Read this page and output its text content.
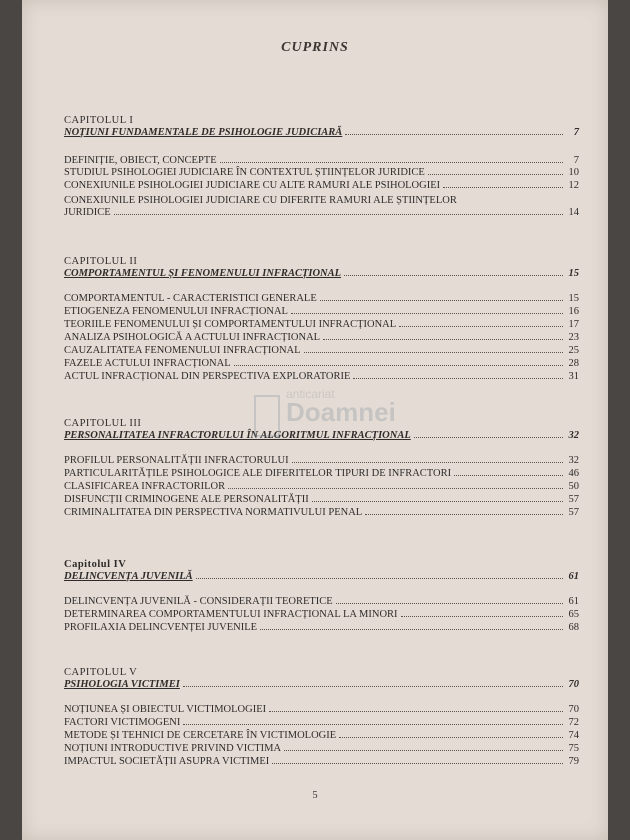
CUPRINS
CAPITOLUL I
NOȚIUNI FUNDAMENTALE DE PSIHOLOGIE JUDICIARĂ	7
DEFINIȚIE, OBIECT, CONCEPTE	7
STUDIUL PSIHOLOGIEI JUDICIARE ÎN CONTEXTUL ȘTIINȚELOR JURIDICE	10
CONEXIUNILE PSIHOLOGIEI JUDICIARE CU ALTE RAMURI ALE PSIHOLOGIEI	12
CONEXIUNILE PSIHOLOGIEI JUDICIARE CU DIFERITE RAMURI ALE ȘTIINȚELOR
JURIDICE	14
CAPITOLUL II
COMPORTAMENTUL ȘI FENOMENULUI INFRACȚIONAL	15
COMPORTAMENTUL - CARACTERISTICI GENERALE	15
ETIOGENEZA FENOMENULUI INFRACȚIONAL	16
TEORIILE FENOMENULUI ȘI COMPORTAMENTULUI INFRACȚIONAL	17
ANALIZA PSIHOLOGICĂ A ACTULUI INFRACȚIONAL	23
CAUZALITATEA FENOMENULUI INFRACȚIONAL	25
FAZELE ACTULUI INFRACȚIONAL	28
ACTUL INFRACȚIONAL DIN PERSPECTIVA EXPLORATORIE	31
CAPITOLUL III
PERSONALITATEA INFRACTORULUI ÎN ALGORITMUL INFRACȚIONAL	32
PROFILUL PERSONALITĂȚII INFRACTORULUI	32
PARTICULARITĂȚILE PSIHOLOGICE ALE DIFERITELOR TIPURI DE INFRACTORI	46
CLASIFICAREA INFRACTORILOR	50
DISFUNCȚII CRIMINOGENE ALE PERSONALITĂȚII	57
CRIMINALITATEA DIN PERSPECTIVA NORMATIVULUI PENAL	57
Capitolul IV
DELINCVENȚA JUVENILĂ	61
DELINCVENȚA JUVENILĂ - CONSIDERAȚII TEORETICE	61
DETERMINAREA COMPORTAMENTULUI INFRACȚIONAL LA MINORI	65
PROFILAXIA DELINCVENȚEI JUVENILE	68
CAPITOLUL V
PSIHOLOGIA VICTIMEI	70
NOȚIUNEA ȘI OBIECTUL VICTIMOLOGIEI	70
FACTORI VICTIMOGENI	72
METODE ȘI TEHNICI DE CERCETARE ÎN VICTIMOLOGIE	74
NOȚIUNI INTRODUCTIVE PRIVIND VICTIMA	75
IMPACTUL SOCIETĂȚII ASUPRA VICTIMEI	79
anticariat
Doamnei
5
